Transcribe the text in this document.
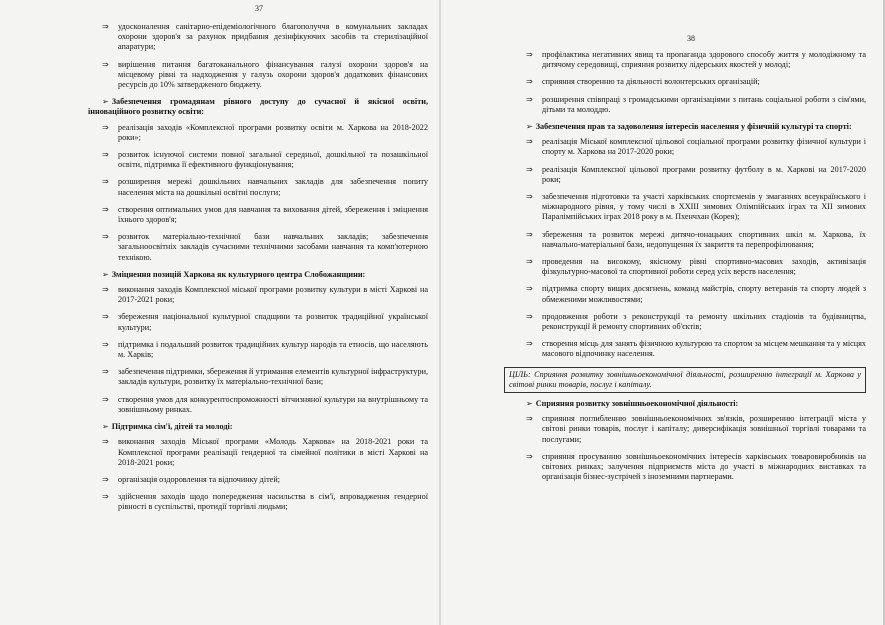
37
⇒ удосконалення санітарно-епідеміологічного благополуччя в комунальних закладах охорони здоров'я за рахунок придбання дезінфікуючих засобів та стерилізаційної апаратури;
⇒ вирішення питання багатоканального фінансування галузі охорони здоров'я на місцевому рівні та надходження у галузь охорони здоров'я додаткових фінансових ресурсів до 10% затвердженого бюджету.
➢ Забезпечення громадянам рівного доступу до сучасної й якісної освіти, інноваційного розвитку освіти:
⇒ реалізація заходів «Комплексної програми розвитку освіти м. Харкова на 2018-2022 роки»;
⇒ розвиток існуючої системи повної загальної середньої, дошкільної та позашкільної освіти, підтримка її ефективного функціонування;
⇒ розширення мережі дошкільних навчальних закладів для забезпечення попиту населення міста на дошкільні освітні послуги;
⇒ створення оптимальних умов для навчання та виховання дітей, збереження і зміцнення їхнього здоров'я;
⇒ розвиток матеріально-технічної бази навчальних закладів; забезпечення загальноосвітніх закладів сучасними технічними засобами навчання та комп'ютерною технікою.
➢ Зміцнення позицій Харкова як культурного центра Слобожанщини:
⇒ виконання заходів Комплексної міської програми розвитку культури в місті Харкові на 2017-2021 роки;
⇒ збереження національної культурної спадщини та розвиток традиційної української культури;
⇒ підтримка і подальший розвиток традиційних культур народів та етносів, що населяють м. Харків;
⇒ забезпечення підтримки, збереження й утримання елементів культурної інфраструктури, закладів культури, розвитку їх матеріально-технічної бази;
⇒ створення умов для конкурентоспроможності вітчизняної культури на внутрішньому та зовнішньому ринках.
➢ Підтримка сім'ї, дітей та молоді:
⇒ виконання заходів Міської програми «Молодь Харкова» на 2018-2021 роки та Комплексної програми реалізації гендерної та сімейної політики в місті Харкові на 2018-2021 роки;
⇒ організація оздоровлення та відпочинку дітей;
⇒ здійснення заходів щодо попередження насильства в сім'ї, впровадження гендерної рівності в суспільстві, протидії торгівлі людьми;
38
⇒ профілактика негативних явищ та пропаганда здорового способу життя у молодіжному та дитячому середовищі, сприяння розвитку лідерських якостей у молоді;
⇒ сприяння створенню та діяльності волонтерських організацій;
⇒ розширення співпраці з громадськими організаціями з питань соціальної роботи з сім'ями, дітьми та молоддю.
➢ Забезпечення прав та задоволення інтересів населення у фізичній культурі та спорті:
⇒ реалізація Міської комплексної цільової соціальної програми розвитку фізичної культури і спорту м. Харкова на 2017-2020 роки;
⇒ реалізація Комплексної цільової програми розвитку футболу в м. Харкові на 2017-2020 роки;
⇒ забезпечення підготовки та участі харківських спортсменів у змаганнях всеукраїнського і міжнародного рівня, у тому числі в XXIII зимових Олімпійських іграх та XII зимових Паралімпійських іграх 2018 року в м. Пхенчхан (Корея);
⇒ збереження та розвиток мережі дитячо-юнацьких спортивних шкіл м. Харкова, їх навчально-матеріальної бази, недопущення їх закриття та перепрофілювання;
⇒ проведення на високому, якісному рівні спортивно-масових заходів, активізація фізкультурно-масової та спортивної роботи серед усіх верств населення;
⇒ підтримка спорту вищих досягнень, команд майстрів, спорту ветеранів та спорту людей з обмеженими можливостями;
⇒ продовження роботи з реконструкції та ремонту шкільних стадіонів та будівництва, реконструкції й ремонту спортивних об'єктів;
⇒ створення місць для занять фізичною культурою та спортом за місцем мешкання та у місцях масового відпочинку населення.
ЦІЛЬ: Сприяння розвитку зовнішньоекономічної діяльності, розширенню інтеграції м. Харкова у світові ринки товарів, послуг і капіталу.
➢ Сприяння розвитку зовнішньоекономічної діяльності:
⇒ сприяння поглибленню зовнішньоекономічних зв'язків, розширенню інтеграції міста у світові ринки товарів, послуг і капіталу; диверсифікація зовнішньої торгівлі товарами та послугами;
⇒ сприяння просуванню зовнішньоекономічних інтересів харківських товаровиробників на світових ринках; залучення підприємств міста до участі в міжнародних виставках та організація бізнес-зустрічей з іноземними партнерами.
